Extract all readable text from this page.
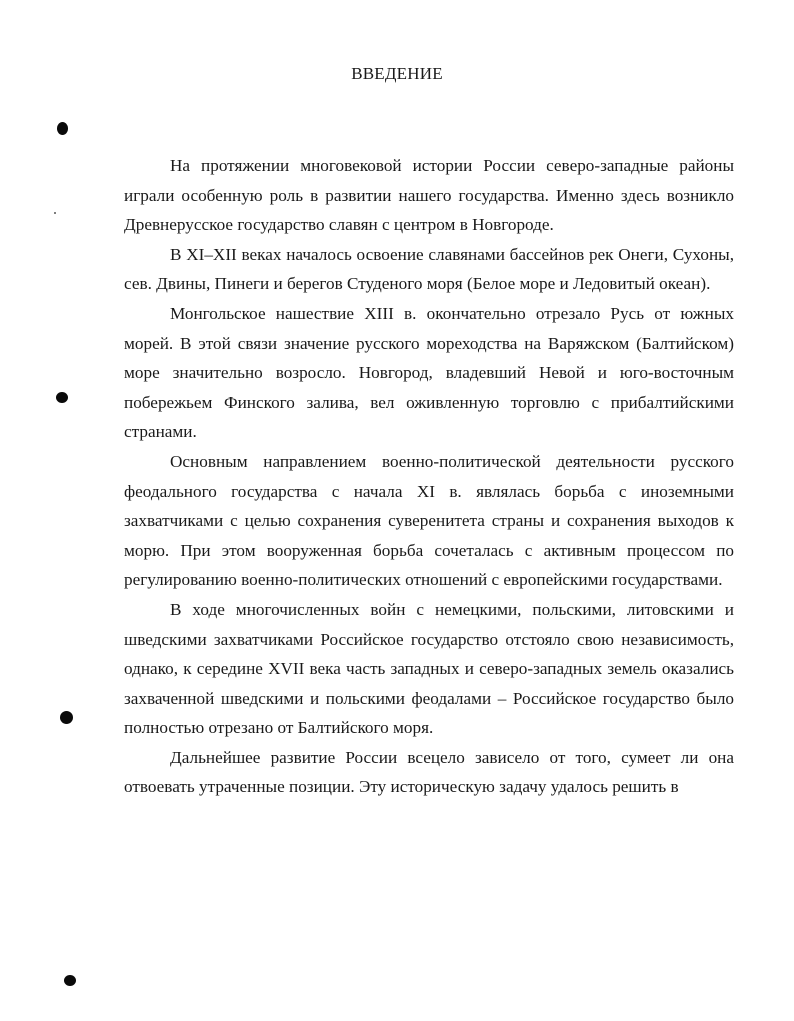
ВВЕДЕНИЕ

На протяжении многовековой истории России северо-западные районы играли особенную роль в развитии нашего государства. Именно здесь возникло Древнерусское государство славян с центром в Новгороде.

В XI–XII веках началось освоение славянами бассейнов рек Онеги, Сухоны, сев. Двины, Пинеги и берегов Студеного моря (Белое море и Ледовитый океан).

Монгольское нашествие XIII в. окончательно отрезало Русь от южных морей. В этой связи значение русского мореходства на Варяжском (Балтийском) море значительно возросло. Новгород, владевший Невой и юго-восточным побережьем Финского залива, вел оживленную торговлю с прибалтийскими странами.

Основным направлением военно-политической деятельности русского феодального государства с начала XI в. являлась борьба с иноземными захватчиками с целью сохранения суверенитета страны и сохранения выходов к морю. При этом вооруженная борьба сочеталась с активным процессом по регулированию военно-политических отношений с европейскими государствами.

В ходе многочисленных войн с немецкими, польскими, литовскими и шведскими захватчиками Российское государство отстояло свою независимость, однако, к середине XVII века часть западных и северо-западных земель оказались захваченной шведскими и польскими феодалами – Российское государство было полностью отрезано от Балтийского моря.

Дальнейшее развитие России всецело зависело от того, сумеет ли она отвоевать утраченные позиции. Эту историческую задачу удалось решить в
